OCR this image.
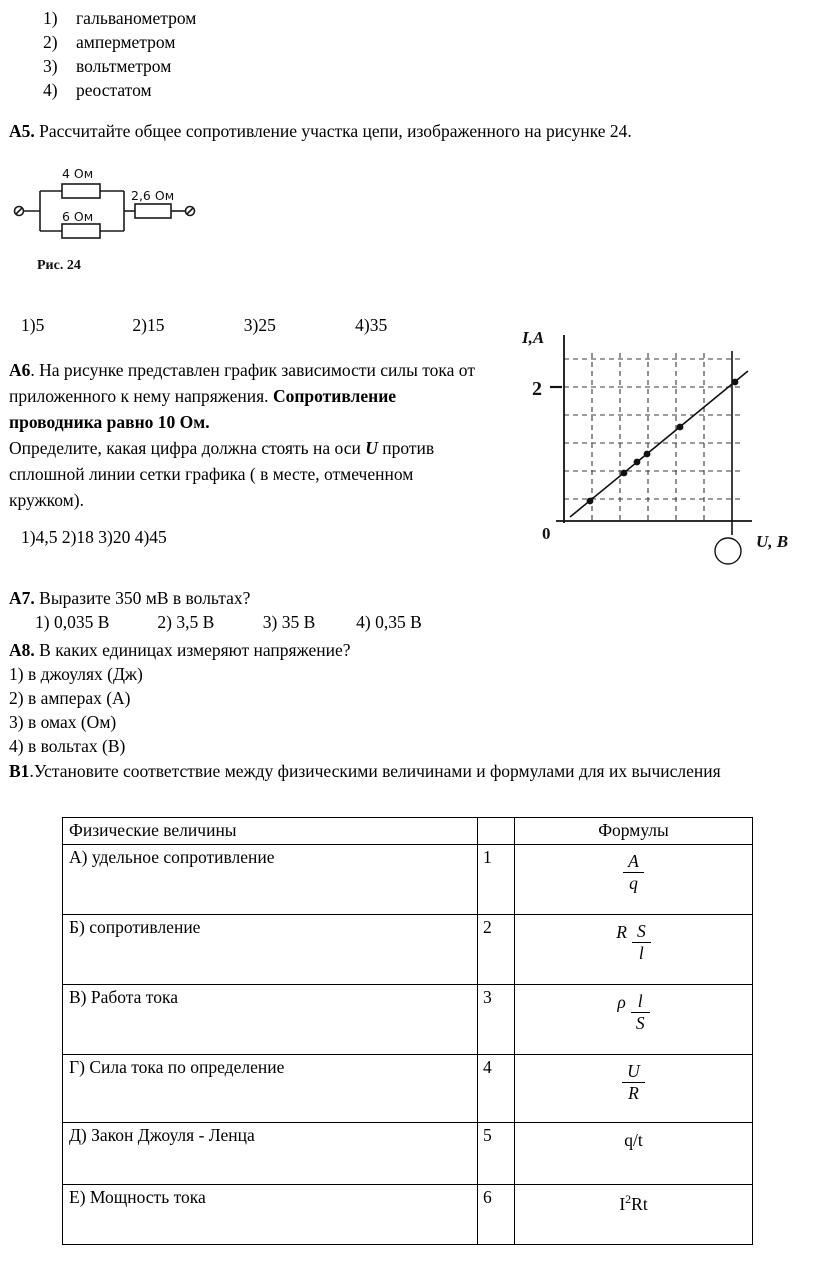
1)	гальванометром
2)	амперметром
3)	вольтметром
4)	реостатом
А5. Рассчитайте общее сопротивление участка цепи, изображенного на рисунке 24.
4 Ом
2,6 Ом
6 Ом
Рис. 24
1)5	2)15	3)25	4)35
А6. На рисунке представлен график зависимости силы тока от приложенного к нему напряжения. Сопротивление проводника равно 10 Ом.
Определите, какая цифра должна стоять на оси U против сплошной линии сетки графика ( в месте, отмеченном кружком).
1)4,5 2)18 3)20 4)45
I,A
2
0	U, В
А7. Выразите 350 мВ в вольтах?
1) 0,035 В	2) 3,5 В	3) 35 В 4) 0,35 В
А8. В каких единицах измеряют напряжение?
1) в джоулях (Дж)
2) в амперах (А)
3) в омах (Ом)
4) в вольтах (В)
В1.Установите соответствие между физическими величинами и формулами для их вычисления
Физические величины		Формулы
А) удельное сопротивление	1	$\frac{A}{q}$

Б) сопротивление	2	R $\frac{S}{l}$

В) Работа тока	3	ρ $\frac{l}{S}$

Г) Сила тока по определение	4	$\frac{U}{R}$

Д) Закон Джоуля - Ленца	5	q/t
Е) Мощность тока	6	$I^2Rt$
